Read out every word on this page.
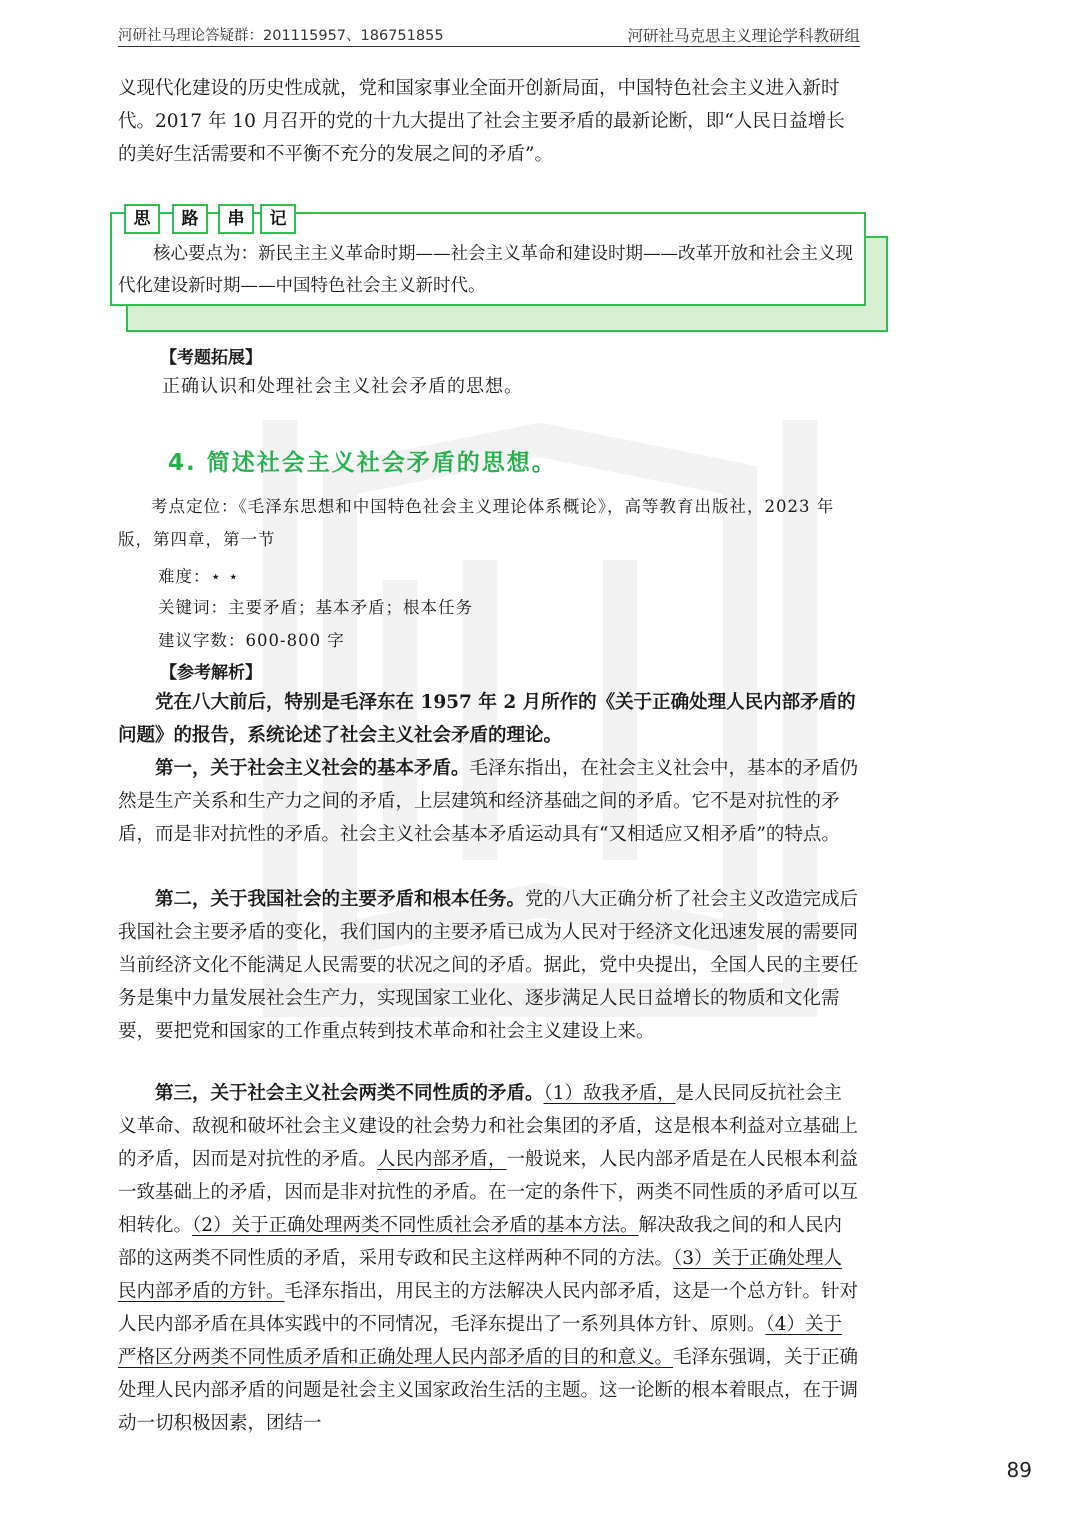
河研社马理论答疑群：201115957、186751855	河研社马克思主义理论学科教研组

义现代化建设的历史性成就，党和国家事业全面开创新局面，中国特色社会主义进入新时代。2017 年 10 月召开的党的十九大提出了社会主要矛盾的最新论断，即“人民日益增长的美好生活需要和不平衡不充分的发展之间的矛盾”。

思	路	串	记

核心要点为：新民主主义革命时期——社会主义革命和建设时期——改革开放和社会主义现代化建设新时期——中国特色社会主义新时代。

【考题拓展】
正确认识和处理社会主义社会矛盾的思想。
4. 简述社会主义社会矛盾的思想。

考点定位：《毛泽东思想和中国特色社会主义理论体系概论》，高等教育出版社，2023 年版，第四章，第一节

难度：⋆ ⋆
关键词：主要矛盾；基本矛盾；根本任务
建议字数：600-800 字
【参考解析】

党在八大前后，特别是毛泽东在 1957 年 2 月所作的《关于正确处理人民内部矛盾的问题》的报告，系统论述了社会主义社会矛盾的理论。

第一，关于社会主义社会的基本矛盾。毛泽东指出，在社会主义社会中，基本的矛盾仍然是生产关系和生产力之间的矛盾，上层建筑和经济基础之间的矛盾。它不是对抗性的矛盾，而是非对抗性的矛盾。社会主义社会基本矛盾运动具有“又相适应又相矛盾”的特点。

第二，关于我国社会的主要矛盾和根本任务。党的八大正确分析了社会主义改造完成后我国社会主要矛盾的变化，我们国内的主要矛盾已成为人民对于经济文化迅速发展的需要同当前经济文化不能满足人民需要的状况之间的矛盾。据此，党中央提出，全国人民的主要任务是集中力量发展社会生产力，实现国家工业化、逐步满足人民日益增长的物质和文化需要，要把党和国家的工作重点转到技术革命和社会主义建设上来。

第三，关于社会主义社会两类不同性质的矛盾。（1）敌我矛盾，是人民同反抗社会主义革命、敌视和破坏社会主义建设的社会势力和社会集团的矛盾，这是根本利益对立基础上的矛盾，因而是对抗性的矛盾。人民内部矛盾，一般说来，人民内部矛盾是在人民根本利益一致基础上的矛盾，因而是非对抗性的矛盾。在一定的条件下，两类不同性质的矛盾可以互相转化。（2）关于正确处理两类不同性质社会矛盾的基本方法。解决敌我之间的和人民内部的这两类不同性质的矛盾，采用专政和民主这样两种不同的方法。（3）关于正确处理人民内部矛盾的方针。毛泽东指出，用民主的方法解决人民内部矛盾，这是一个总方针。针对人民内部矛盾在具体实践中的不同情况，毛泽东提出了一系列具体方针、原则。（4）关于严格区分两类不同性质矛盾和正确处理人民内部矛盾的目的和意义。毛泽东强调，关于正确处理人民内部矛盾的问题是社会主义国家政治生活的主题。这一论断的根本着眼点，在于调动一切积极因素，团结一

89
